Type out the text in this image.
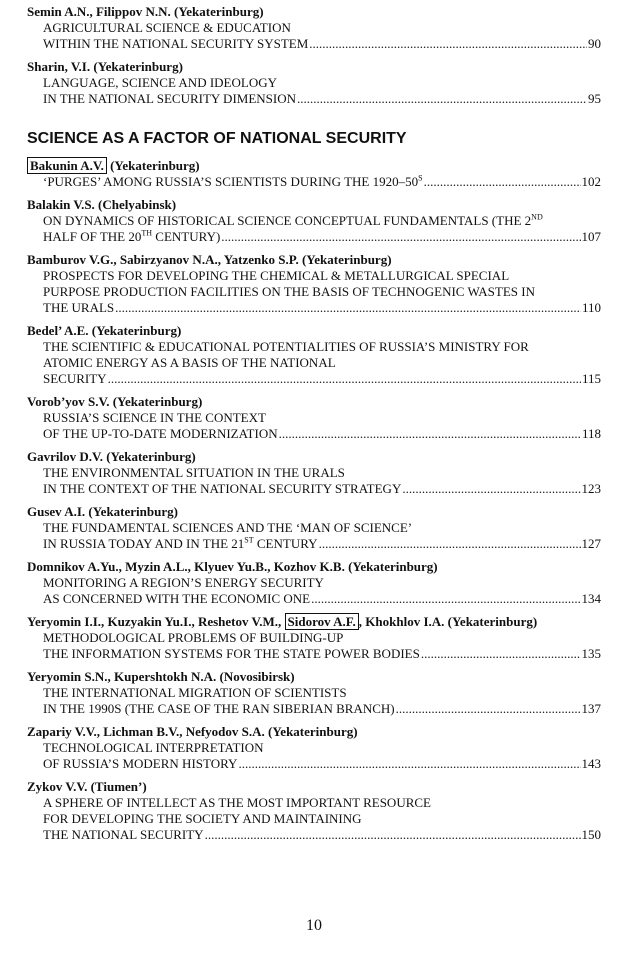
Semin A.N., Filippov N.N. (Yekaterinburg)
AGRICULTURAL SCIENCE & EDUCATION
WITHIN THE NATIONAL SECURITY SYSTEM .....	90
Sharin, V.I. (Yekaterinburg)
LANGUAGE, SCIENCE AND IDEOLOGY
IN THE NATIONAL SECURITY DIMENSION .....	95
SCIENCE AS A FACTOR OF NATIONAL SECURITY
Bakunin A.V. (Yekaterinburg)
‘PURGES’ AMONG RUSSIA’S SCIENTISTS DURING THE $1920-50^S$ .....	102
Balakin V.S. (Chelyabinsk)
ON DYNAMICS OF HISTORICAL SCIENCE CONCEPTUAL FUNDAMENTALS (THE 2ND
HALF OF THE 20TH CENTURY) .....	107
Bamburov V.G., Sabirzyanov N.A., Yatzenko S.P. (Yekaterinburg)
PROSPECTS FOR DEVELOPING THE CHEMICAL & METALLURGICAL SPECIAL
PURPOSE PRODUCTION FACILITIES ON THE BASIS OF TECHNOGENIC WASTES IN
THE URALS .....	110
Bedel’ A.E. (Yekaterinburg)
THE SCIENTIFIC & EDUCATIONAL POTENTIALITIES OF RUSSIA’S MINISTRY FOR
ATOMIC ENERGY AS A BASIS OF THE NATIONAL
SECURITY .....	115
Vorob’yov S.V. (Yekaterinburg)
RUSSIA’S SCIENCE IN THE CONTEXT
OF THE UP-TO-DATE MODERNIZATION .....	118
Gavrilov D.V. (Yekaterinburg)
THE ENVIRONMENTAL SITUATION IN THE URALS
IN THE CONTEXT OF THE NATIONAL SECURITY STRATEGY .....	123
Gusev A.I. (Yekaterinburg)
THE FUNDAMENTAL SCIENCES AND THE ‘MAN OF SCIENCE’
IN RUSSIA TODAY AND IN THE 21ST CENTURY .....	127
Domnikov A.Yu., Myzin A.L., Klyuev Yu.B., Kozhov K.B. (Yekaterinburg)
MONITORING A REGION’S ENERGY SECURITY
AS CONCERNED WITH THE ECONOMIC ONE .....	134
Yeryomin I.I., Kuzyakin Yu.I., Reshetov V.M., Sidorov A.F. , Khokhlov I.A. (Yekaterinburg)
METHODOLOGICAL PROBLEMS OF BUILDING-UP
THE INFORMATION SYSTEMS FOR THE STATE POWER BODIES .....	135
Yeryomin S.N., Kupershtokh N.A. (Novosibirsk)
THE INTERNATIONAL MIGRATION OF SCIENTISTS
IN THE 1990S (THE CASE OF THE RAN SIBERIAN BRANCH) .....	137
Zapariy V.V., Lichman B.V., Nefyodov S.A. (Yekaterinburg)
TECHNOLOGICAL INTERPRETATION
OF RUSSIA’S MODERN HISTORY .....	143
Zykov V.V. (Tiumen’)
A SPHERE OF INTELLECT AS THE MOST IMPORTANT RESOURCE
FOR DEVELOPING THE SOCIETY AND MAINTAINING
THE NATIONAL SECURITY .....	150
10
